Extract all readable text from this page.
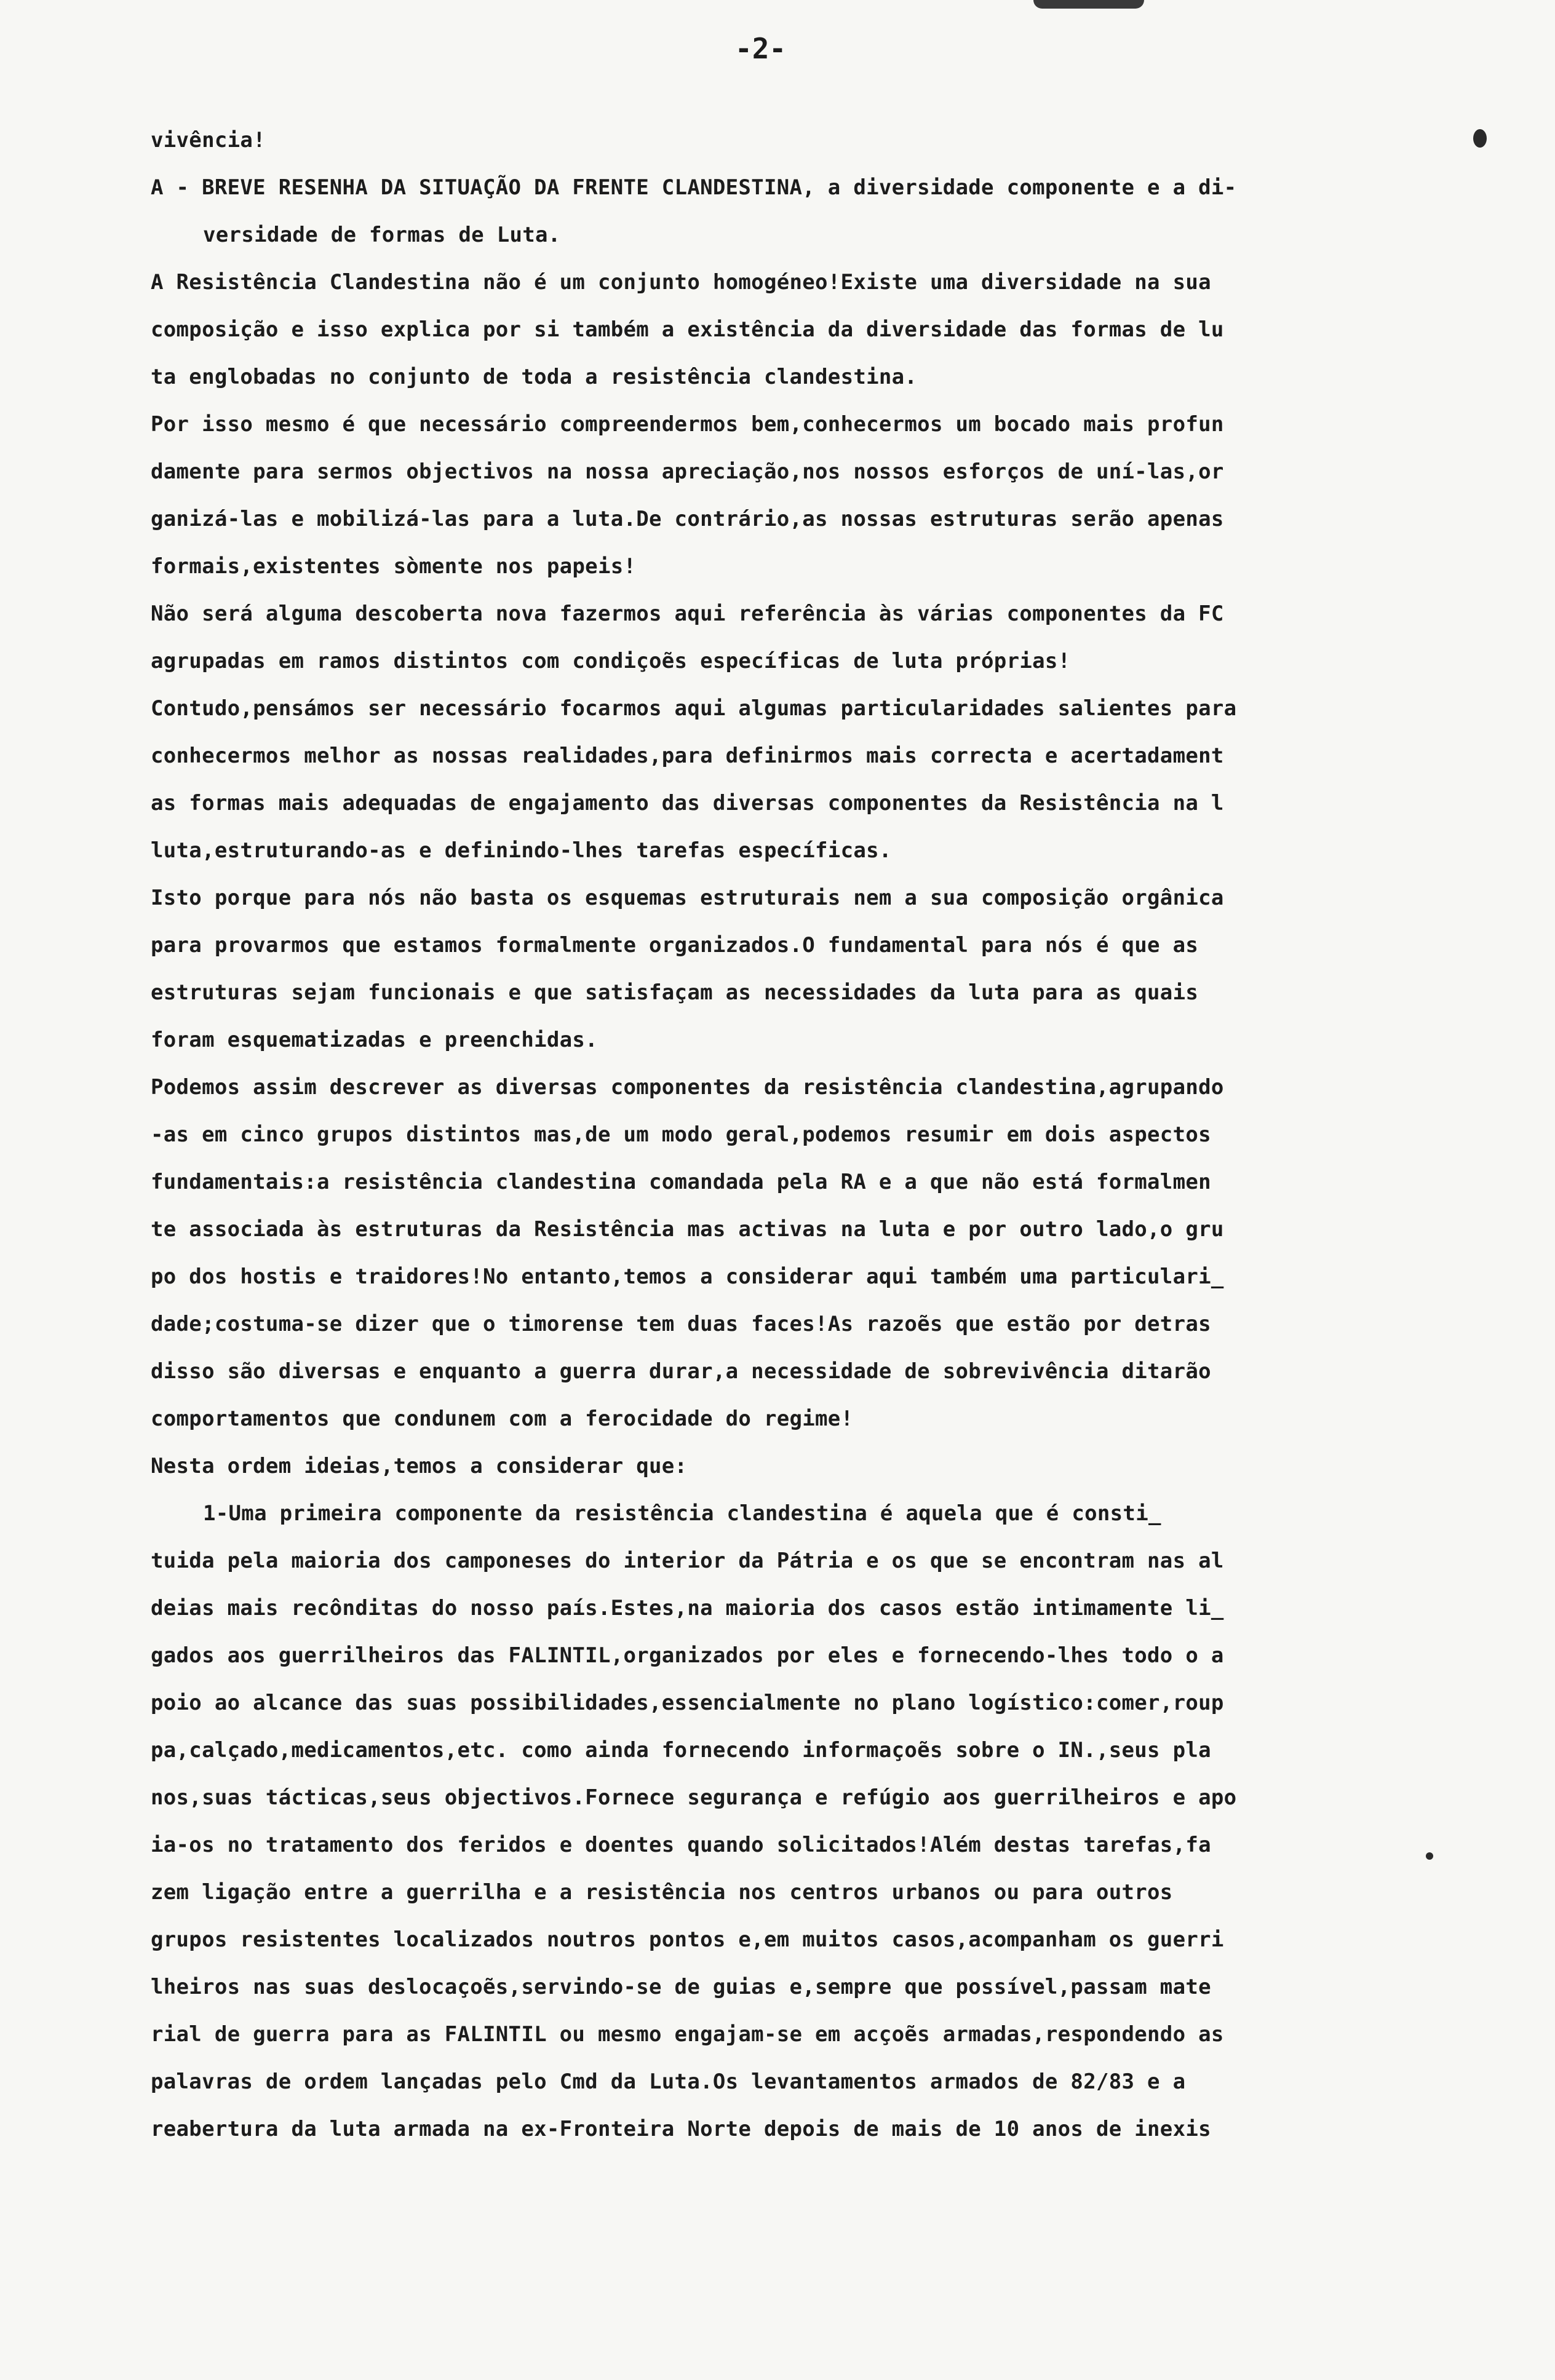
-2-
vivência!
A - BREVE RESENHA DA SITUAÇÃO DA FRENTE CLANDESTINA, a diversidade componente e a di-
versidade de formas de Luta.
A Resistência Clandestina não é um conjunto homogéneo!Existe uma diversidade na sua
composição e isso explica por si também a existência da diversidade das formas de lu
ta englobadas no conjunto de toda a resistência clandestina.
Por isso mesmo é que necessário compreendermos bem,conhecermos um bocado mais profun
damente para sermos objectivos na nossa apreciação,nos nossos esforços de uní-las,or
ganizá-las e mobilizá-las para a luta.De contrário,as nossas estruturas serão apenas
formais,existentes sòmente nos papeis!
Não será alguma descoberta nova fazermos aqui referência às várias componentes da FC
agrupadas em ramos distintos com condiçoẽs específicas de luta próprias!
Contudo,pensámos ser necessário focarmos aqui algumas particularidades salientes para
conhecermos melhor as nossas realidades,para definirmos mais correcta e acertadament
as formas mais adequadas de engajamento das diversas componentes da Resistência na l
luta,estruturando-as e definindo-lhes tarefas específicas.
Isto porque para nós não basta os esquemas estruturais nem a sua composição orgânica
para provarmos que estamos formalmente organizados.O fundamental para nós é que as
estruturas sejam funcionais e que satisfaçam as necessidades da luta para as quais
foram esquematizadas e preenchidas.
Podemos assim descrever as diversas componentes da resistência clandestina,agrupando
-as em cinco grupos distintos mas,de um modo geral,podemos resumir em dois aspectos
fundamentais:a resistência clandestina comandada pela RA e a que não está formalmen
te associada às estruturas da Resistência mas activas na luta e por outro lado,o gru
po dos hostis e traidores!No entanto,temos a considerar aqui também uma particulari_
dade;costuma-se dizer que o timorense tem duas faces!As razoẽs que estão por detras
disso são diversas e enquanto a guerra durar,a necessidade de sobrevivência ditarão
comportamentos que condunem com a ferocidade do regime!
Nesta ordem ideias,temos a considerar que:
1-Uma primeira componente da resistência clandestina é aquela que é consti_
tuida pela maioria dos camponeses do interior da Pátria e os que se encontram nas al
deias mais recônditas do nosso país.Estes,na maioria dos casos estão intimamente li_
gados aos guerrilheiros das FALINTIL,organizados por eles e fornecendo-lhes todo o a
poio ao alcance das suas possibilidades,essencialmente no plano logístico:comer,roup
pa,calçado,medicamentos,etc. como ainda fornecendo informaçoẽs sobre o IN.,seus pla
nos,suas tácticas,seus objectivos.Fornece segurança e refúgio aos guerrilheiros e apo
ia-os no tratamento dos feridos e doentes quando solicitados!Além destas tarefas,fa
zem ligação entre a guerrilha e a resistência nos centros urbanos ou para outros
grupos resistentes localizados noutros pontos e,em muitos casos,acompanham os guerri
lheiros nas suas deslocaçoẽs,servindo-se de guias e,sempre que possível,passam mate
rial de guerra para as FALINTIL ou mesmo engajam-se em acçoẽs armadas,respondendo as
palavras de ordem lançadas pelo Cmd da Luta.Os levantamentos armados de 82/83 e a
reabertura da luta armada na ex-Fronteira Norte depois de mais de 10 anos de inexis
